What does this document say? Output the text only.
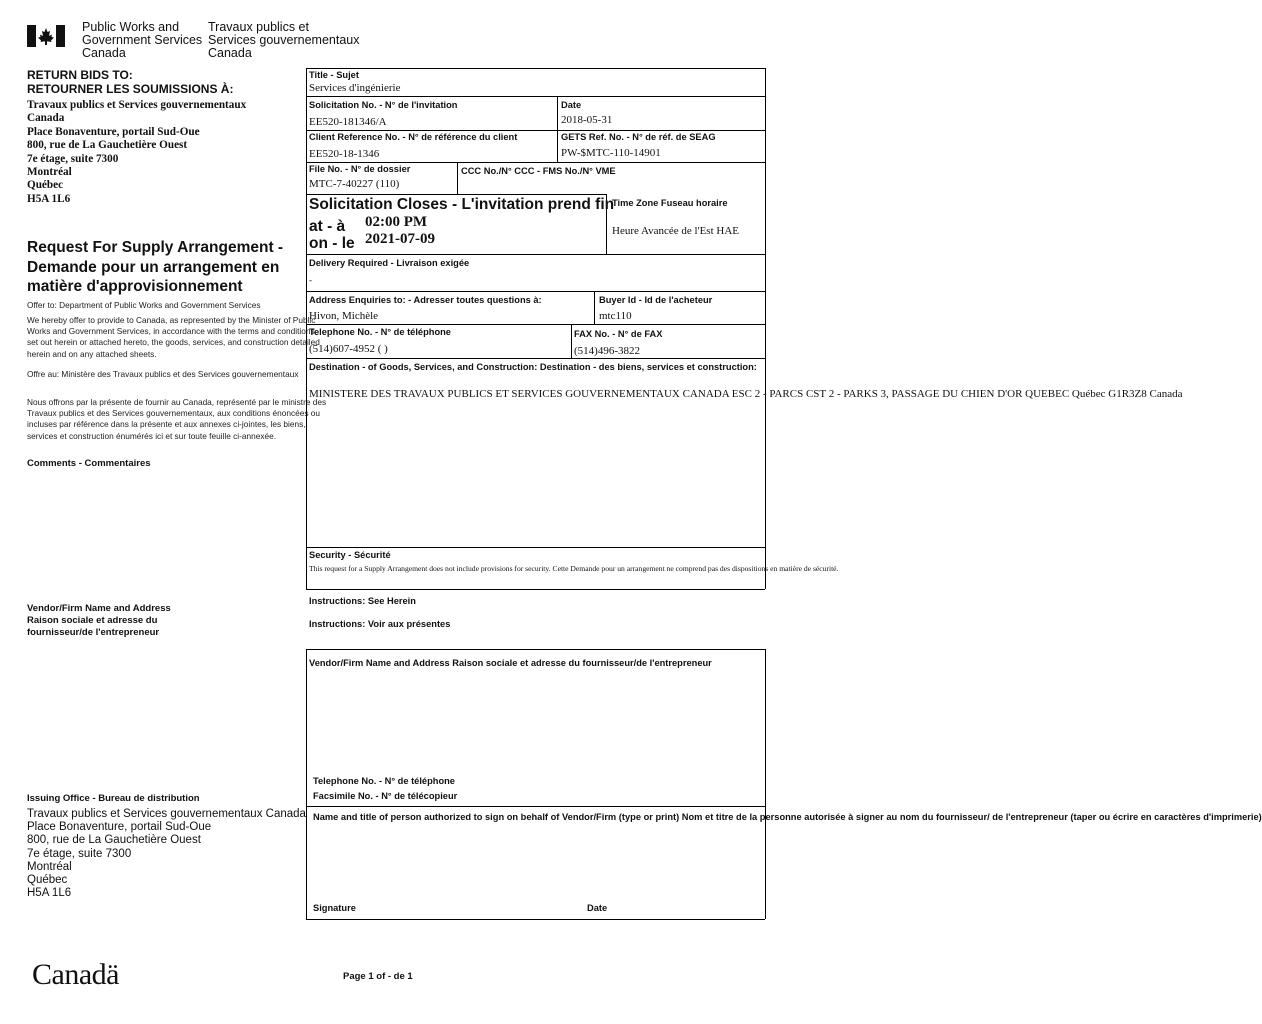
Public Works and
Government Services
Canada
Travaux publics et
Services gouvernementaux
Canada
RETURN BIDS TO:
RETOURNER LES SOUMISSIONS À:
Travaux publics et Services gouvernementaux
Canada
Place Bonaventure, portail Sud-Oue
800, rue de La Gauchetière Ouest
7e étage, suite 7300
Montréal
Québec
H5A 1L6
Request For Supply Arrangement - Demande pour un arrangement en matière d'approvisionnement
Offer to: Department of Public Works and Government Services
We hereby offer to provide to Canada, as represented by the Minister of Public Works and Government Services, in accordance with the terms and conditions set out herein or attached hereto, the goods, services, and construction detailed herein and on any attached sheets.
Offre au: Ministère des Travaux publics et des Services gouvernementaux
Nous offrons par la présente de fournir au Canada, représenté par le ministre des Travaux publics et des Services gouvernementaux, aux conditions énoncées ou incluses par référence dans la présente et aux annexes ci-jointes, les biens, services et construction énumérés ici et sur toute feuille ci-annexée.
Comments - Commentaires
Vendor/Firm Name and Address
Raison sociale et adresse du
fournisseur/de l'entrepreneur
Issuing Office - Bureau de distribution
Travaux publics et Services gouvernementaux Canada
Place Bonaventure, portail Sud-Oue
800, rue de La Gauchetière Ouest
7e étage, suite 7300
Montréal
Québec
H5A 1L6
Title - Sujet
Services d'ingénierie
Solicitation No. - N° de l'invitation
EE520-181346/A
Date
2018-05-31
Client Reference No. - N° de référence du client
EE520-18-1346
GETS Ref. No. - N° de réf. de SEAG
PW-$MTC-110-14901
File No. - N° de dossier
MTC-7-40227 (110)
CCC No./N° CCC - FMS No./N° VME
Solicitation Closes - L'invitation prend fin
at - à 02:00 PM
on - le 2021-07-09
Time Zone Fuseau horaire
Heure Avancée de l'Est HAE
Delivery Required - Livraison exigée
-
Address Enquiries to: - Adresser toutes questions à:
Hivon, Michèle
Buyer Id - Id de l'acheteur
mtc110
Telephone No. - N° de téléphone
(514)607-4952 ( )
FAX No. - N° de FAX
(514)496-3822
Destination - of Goods, Services, and Construction: Destination - des biens, services et construction:
MINISTERE DES TRAVAUX PUBLICS ET SERVICES GOUVERNEMENTAUX CANADA ESC 2 - PARCS CST 2 - PARKS 3, PASSAGE DU CHIEN D'OR QUEBEC Québec G1R3Z8 Canada
Security - Sécurité
This request for a Supply Arrangement does not include provisions for security. Cette Demande pour un arrangement ne comprend pas des dispositions en matière de sécurité.
Instructions: See Herein
Instructions: Voir aux présentes
Vendor/Firm Name and Address Raison sociale et adresse du fournisseur/de l'entrepreneur
Telephone No. - N° de téléphone
Facsimile No. - N° de télécopieur
Name and title of person authorized to sign on behalf of Vendor/Firm (type or print) Nom et titre de la personne autorisée à signer au nom du fournisseur/ de l'entrepreneur (taper ou écrire en caractères d'imprimerie)
Signature	Date
Canadä	Page 1 of - de 1
